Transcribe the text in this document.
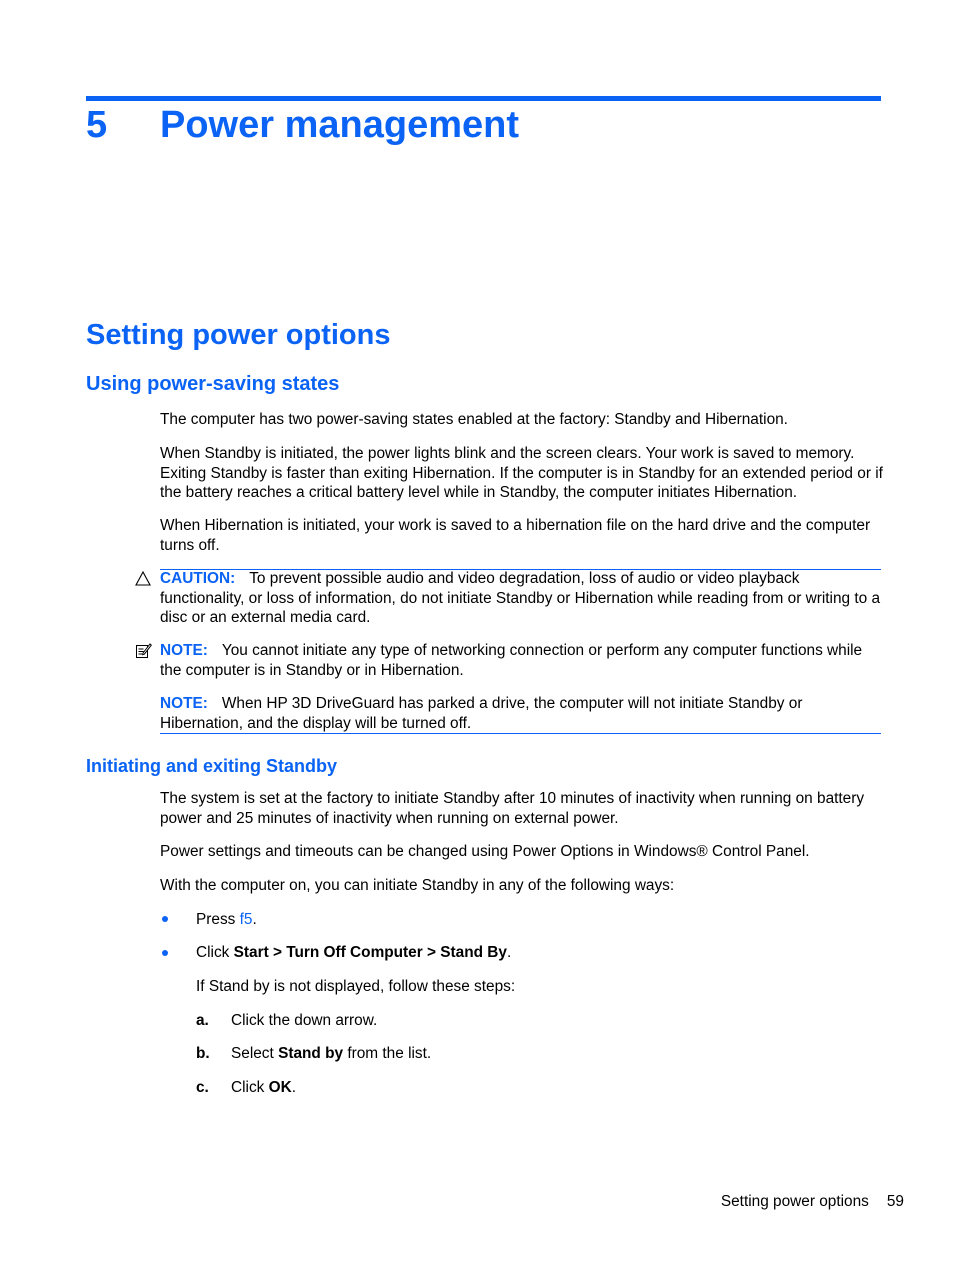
5 Power management
Setting power options
Using power-saving states

The computer has two power-saving states enabled at the factory: Standby and Hibernation.

When Standby is initiated, the power lights blink and the screen clears. Your work is saved to memory. Exiting Standby is faster than exiting Hibernation. If the computer is in Standby for an extended period or if the battery reaches a critical battery level while in Standby, the computer initiates Hibernation.

When Hibernation is initiated, your work is saved to a hibernation file on the hard drive and the computer turns off.

CAUTION: To prevent possible audio and video degradation, loss of audio or video playback functionality, or loss of information, do not initiate Standby or Hibernation while reading from or writing to a disc or an external media card.

NOTE: You cannot initiate any type of networking connection or perform any computer functions while the computer is in Standby or in Hibernation.

NOTE: When HP 3D DriveGuard has parked a drive, the computer will not initiate Standby or Hibernation, and the display will be turned off.

Initiating and exiting Standby

The system is set at the factory to initiate Standby after 10 minutes of inactivity when running on battery power and 25 minutes of inactivity when running on external power.

Power settings and timeouts can be changed using Power Options in Windows® Control Panel.

With the computer on, you can initiate Standby in any of the following ways:

Press f5.

Click Start > Turn Off Computer > Stand By.

If Stand by is not displayed, follow these steps:

a. Click the down arrow.

b. Select Stand by from the list.

c. Click OK.

Setting power options 59
